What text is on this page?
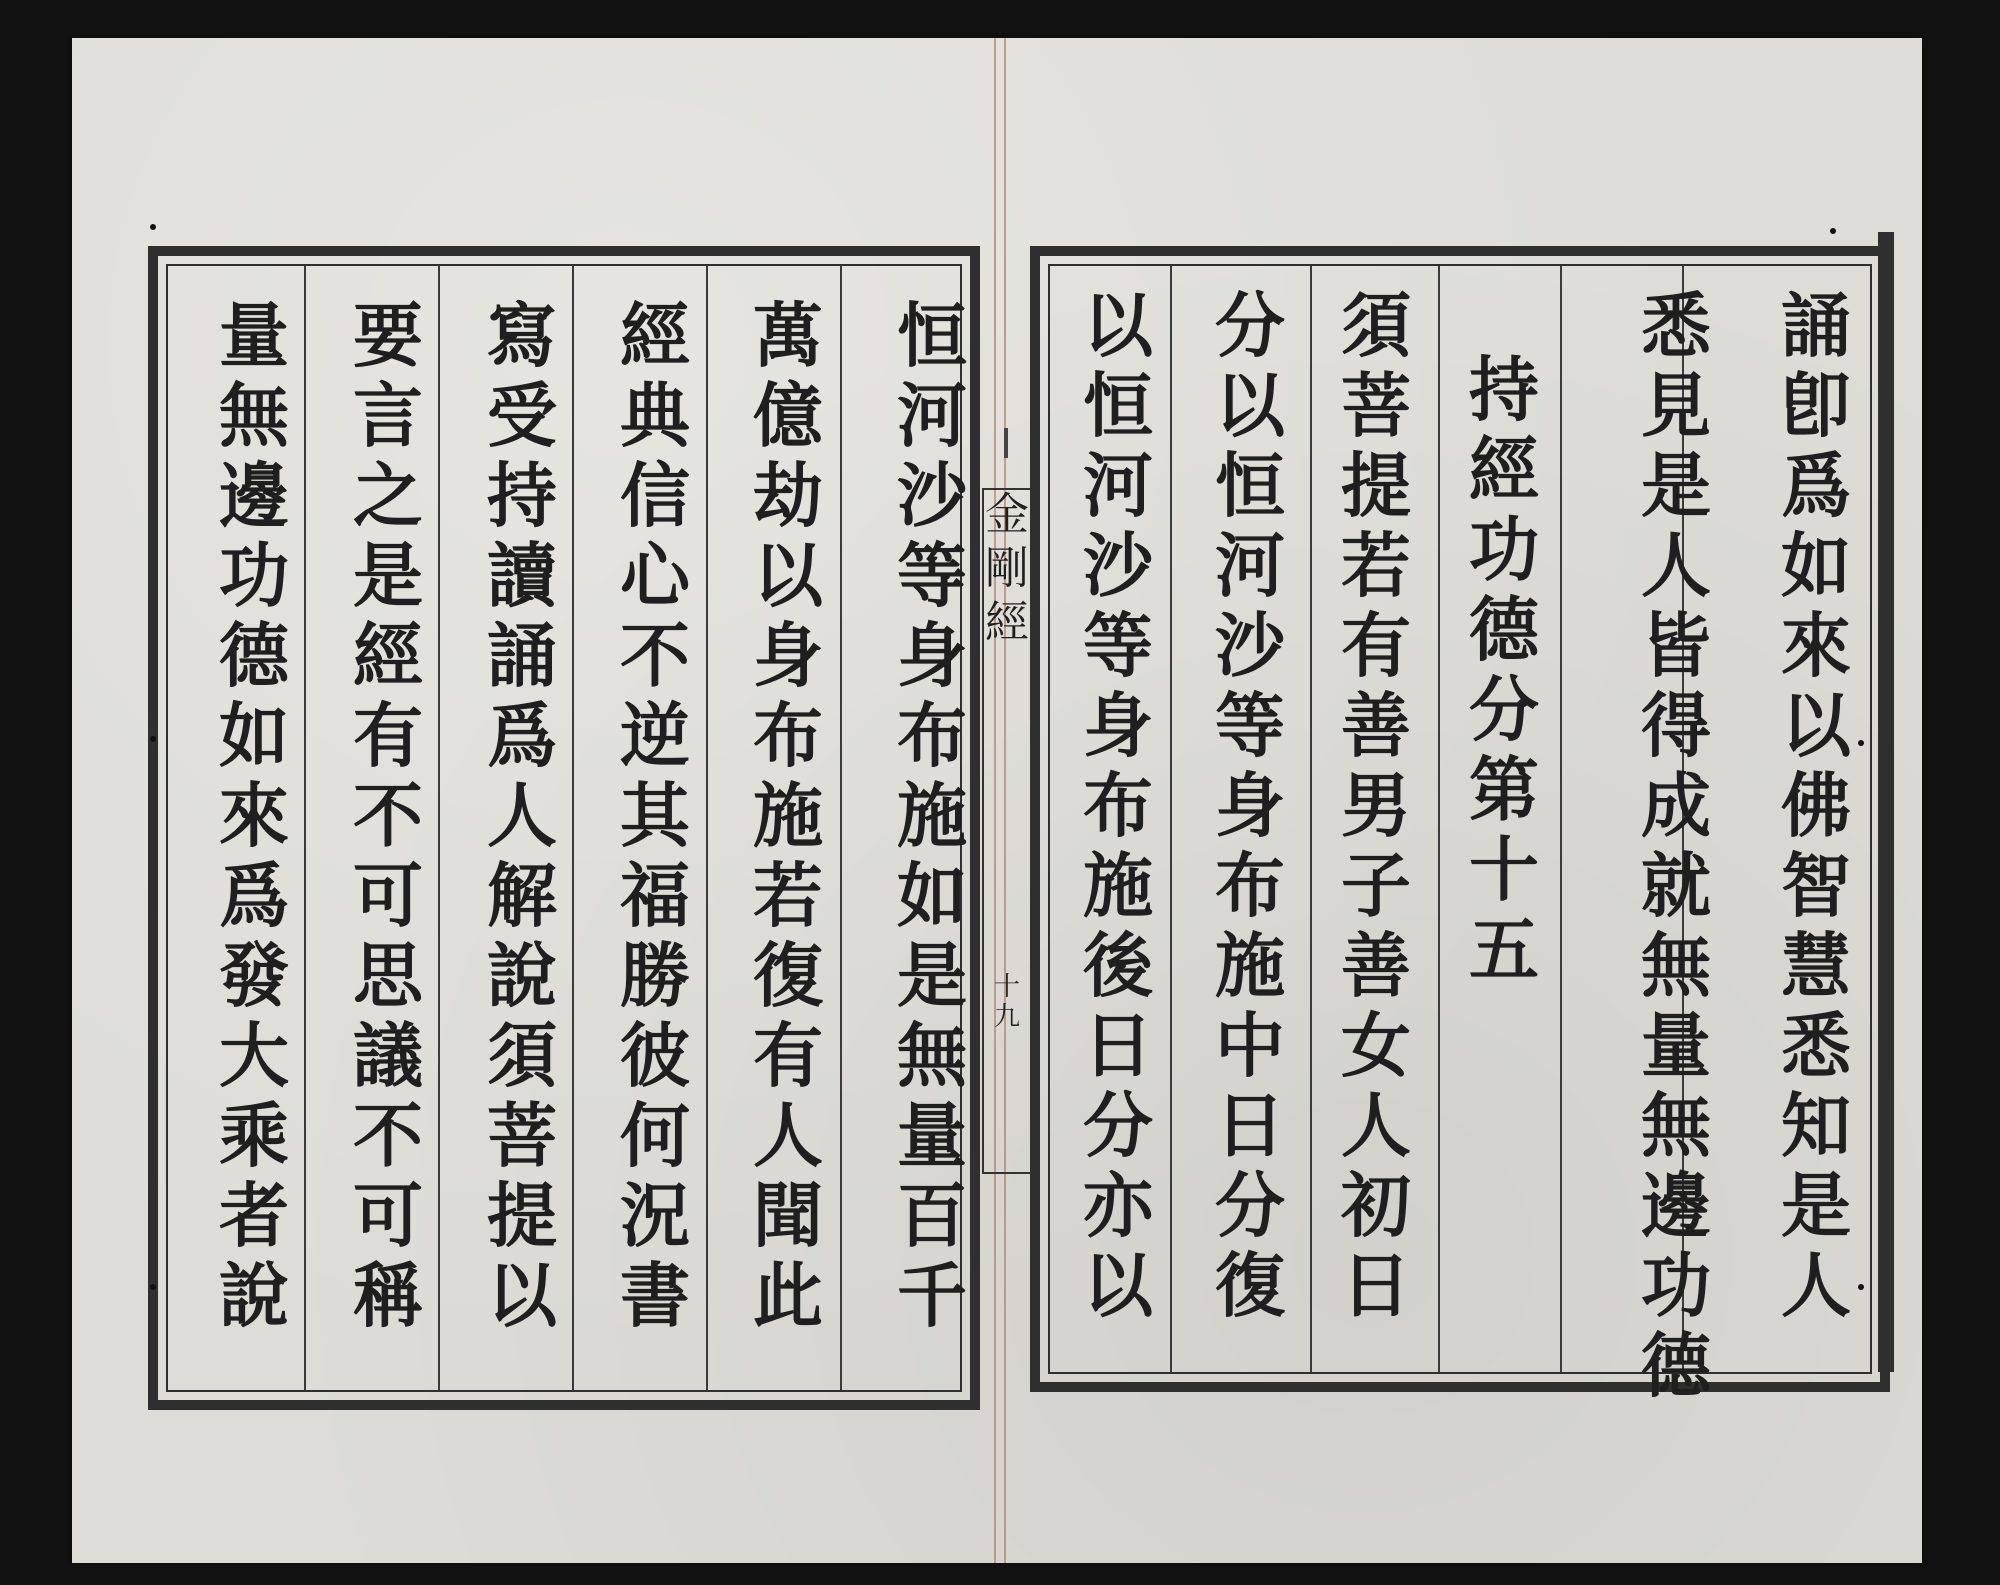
恒
河
沙
等
身
布
施
如
是
無
量
百
千
萬
億
劫
以
身
布
施
若
復
有
人
聞
此
經
典
信
心
不
逆
其
福
勝
彼
何
況
書
寫
受
持
讀
誦
爲
人
解
說
須
菩
提
以
要
言
之
是
經
有
不
可
思
議
不
可
稱
量
無
邊
功
德
如
來
爲
發
大
乘
者
說
金
剛
經
十
九
誦
卽
爲
如
來
以
佛
智
慧
悉
知
是
人
悉
見
是
人
皆
得
成
就
無
量
無
邊
功
德
持
經
功
德
分
第
十
五
須
菩
提
若
有
善
男
子
善
女
人
初
日
分
以
恒
河
沙
等
身
布
施
中
日
分
復
以
恒
河
沙
等
身
布
施
後
日
分
亦
以
